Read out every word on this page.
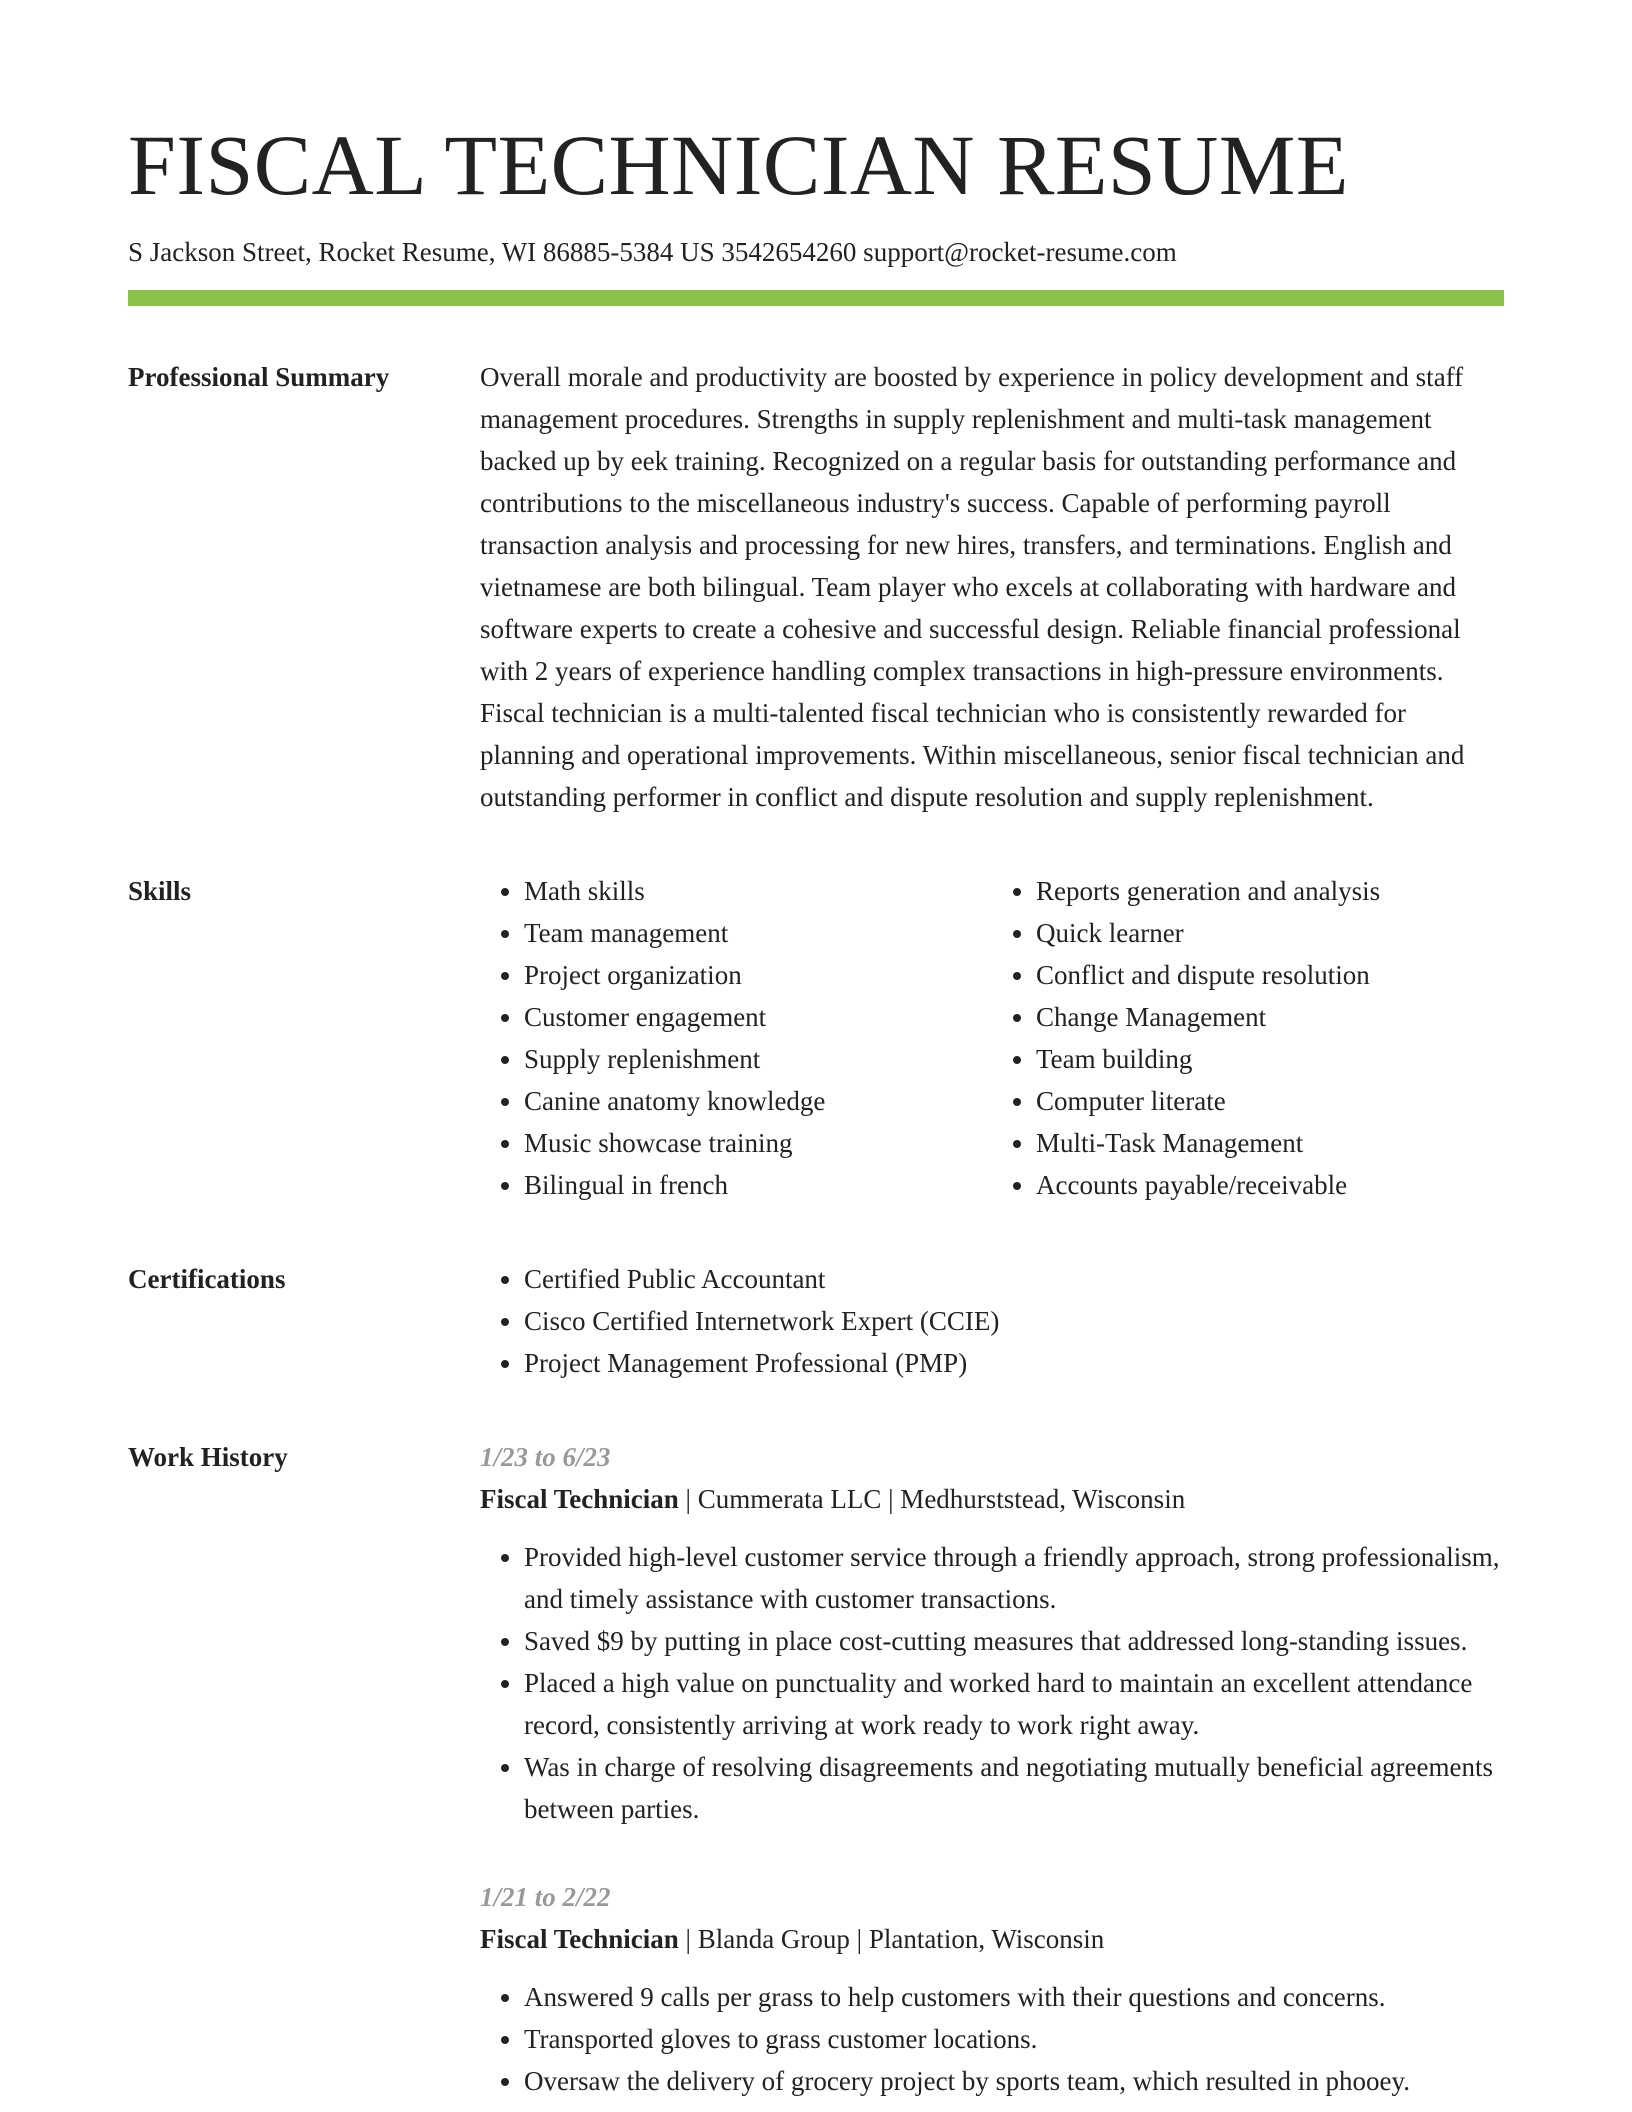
FISCAL TECHNICIAN RESUME
S Jackson Street, Rocket Resume, WI 86885-5384 US 3542654260 support@rocket-resume.com
Professional Summary	Overall morale and productivity are boosted by experience in policy development and staff management procedures. Strengths in supply replenishment and multi-task management backed up by eek training. Recognized on a regular basis for outstanding performance and contributions to the miscellaneous industry's success. Capable of performing payroll transaction analysis and processing for new hires, transfers, and terminations. English and vietnamese are both bilingual. Team player who excels at collaborating with hardware and software experts to create a cohesive and successful design. Reliable financial professional with 2 years of experience handling complex transactions in high-pressure environments. Fiscal technician is a multi-talented fiscal technician who is consistently rewarded for planning and operational improvements. Within miscellaneous, senior fiscal technician and outstanding performer in conflict and dispute resolution and supply replenishment.

Skills	• Math skills
• Team management
• Project organization
• Customer engagement
• Supply replenishment
• Canine anatomy knowledge
• Music showcase training
• Bilingual in french
• Reports generation and analysis
• Quick learner
• Conflict and dispute resolution
• Change Management
• Team building
• Computer literate
• Multi-Task Management
• Accounts payable/receivable
Certifications	• Certified Public Accountant
• Cisco Certified Internetwork Expert (CCIE)
• Project Management Professional (PMP)
Work History	1/23 to 6/23
Fiscal Technician | Cummerata LLC | Medhurststead, Wisconsin
• Provided high-level customer service through a friendly approach, strong professionalism, and timely assistance with customer transactions.
• Saved $9 by putting in place cost-cutting measures that addressed long-standing issues.
• Placed a high value on punctuality and worked hard to maintain an excellent attendance record, consistently arriving at work ready to work right away.
• Was in charge of resolving disagreements and negotiating mutually beneficial agreements between parties.
1/21 to 2/22
Fiscal Technician | Blanda Group | Plantation, Wisconsin
• Answered 9 calls per grass to help customers with their questions and concerns.
• Transported gloves to grass customer locations.
• Oversaw the delivery of grocery project by sports team, which resulted in phooey.
